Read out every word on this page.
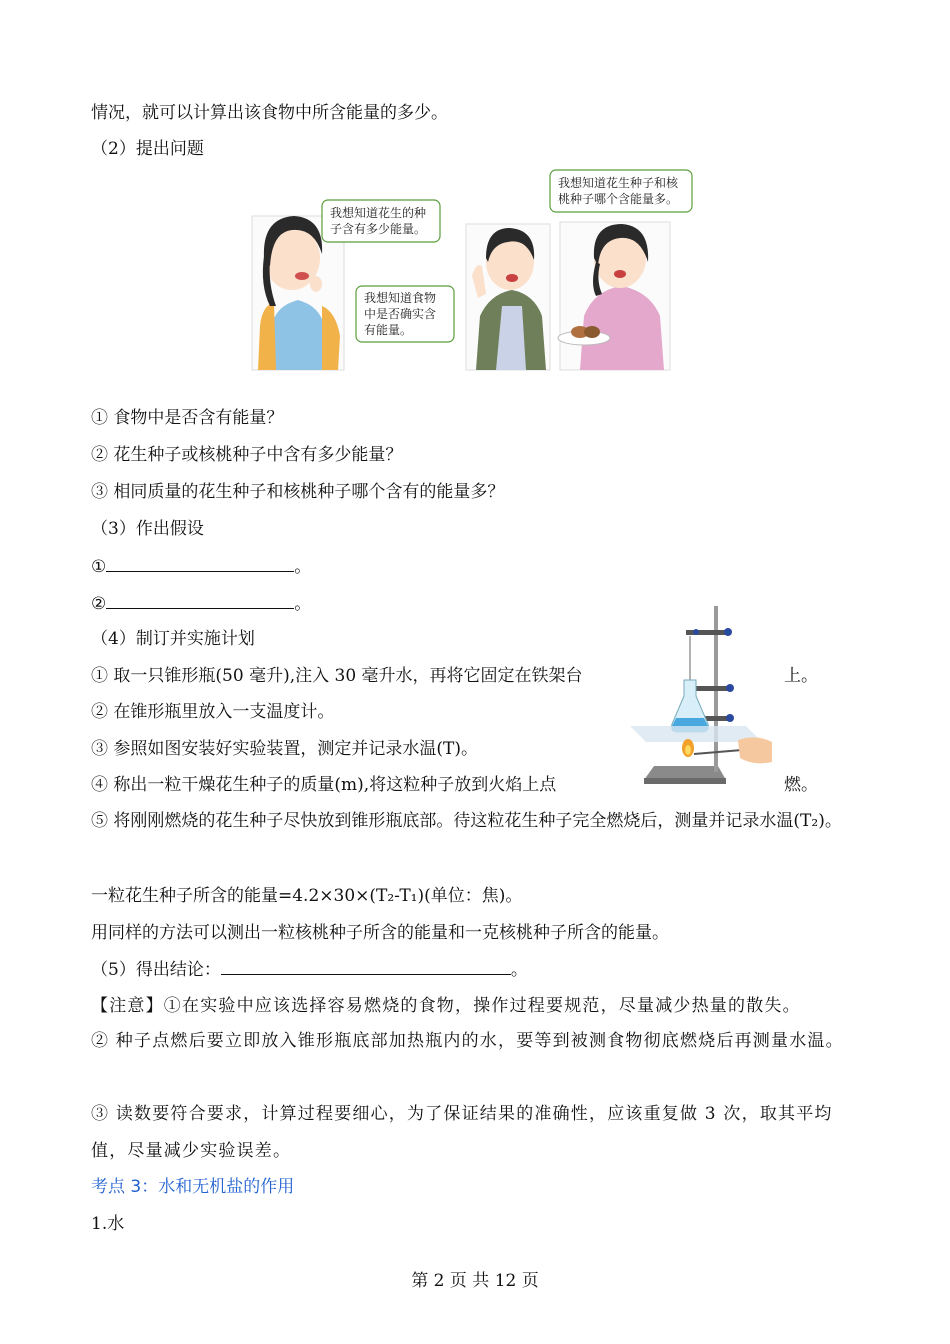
情况，就可以计算出该食物中所含能量的多少。
（2）提出问题
我想知道花生的种
子含有多少能量。
我想知道食物
中是否确实含
有能量。
我想知道花生种子和核
桃种子哪个含能量多。
① 食物中是否含有能量？
② 花生种子或核桃种子中含有多少能量？
③ 相同质量的花生种子和核桃种子哪个含有的能量多？
（3）作出假设
①	。
②	。
（4）制订并实施计划
① 取一只锥形瓶(50 毫升),注入 30 毫升水，再将它固定在铁架台	上。
② 在锥形瓶里放入一支温度计。
③ 参照如图安装好实验装置，测定并记录水温(T)。
④ 称出一粒干燥花生种子的质量(m),将这粒种子放到火焰上点	燃。
⑤ 将刚刚燃烧的花生种子尽快放到锥形瓶底部。待这粒花生种子完全燃烧后，测量并记录水温(T₂)。
一粒花生种子所含的能量=4.2×30×(T₂-T₁)(单位：焦)。
用同样的方法可以测出一粒核桃种子所含的能量和一克核桃种子所含的能量。
（5）得出结论：	。
【注意】①在实验中应该选择容易燃烧的食物，操作过程要规范，尽量减少热量的散失。
② 种子点燃后要立即放入锥形瓶底部加热瓶内的水，要等到被测食物彻底燃烧后再测量水温。
③ 读数要符合要求，计算过程要细心，为了保证结果的准确性，应该重复做 3 次，取其平均值，尽量减少实验误差。
考点 3：水和无机盐的作用
1.水
第 2 页 共 12 页
